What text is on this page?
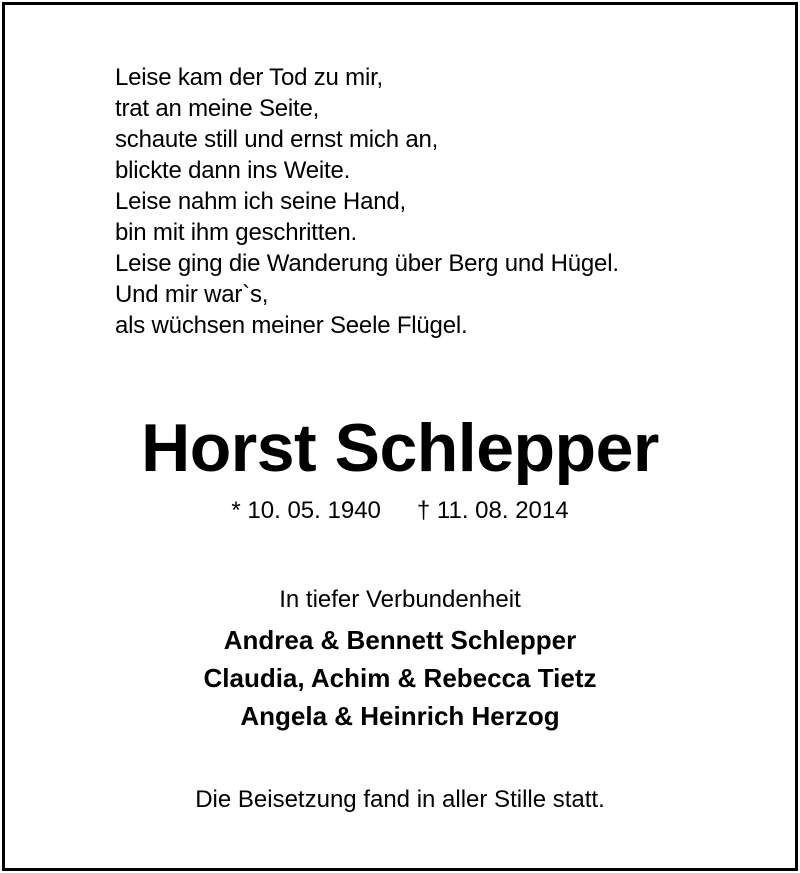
Leise kam der Tod zu mir,
trat an meine Seite,
schaute still und ernst mich an,
blickte dann ins Weite.
Leise nahm ich seine Hand,
bin mit ihm geschritten.
Leise ging die Wanderung über Berg und Hügel.
Und mir war`s,
als wüchsen meiner Seele Flügel.
Horst Schlepper
* 10. 05. 1940 † 11. 08. 2014
In tiefer Verbundenheit
Andrea & Bennett Schlepper
Claudia, Achim & Rebecca Tietz
Angela & Heinrich Herzog
Die Beisetzung fand in aller Stille statt.
